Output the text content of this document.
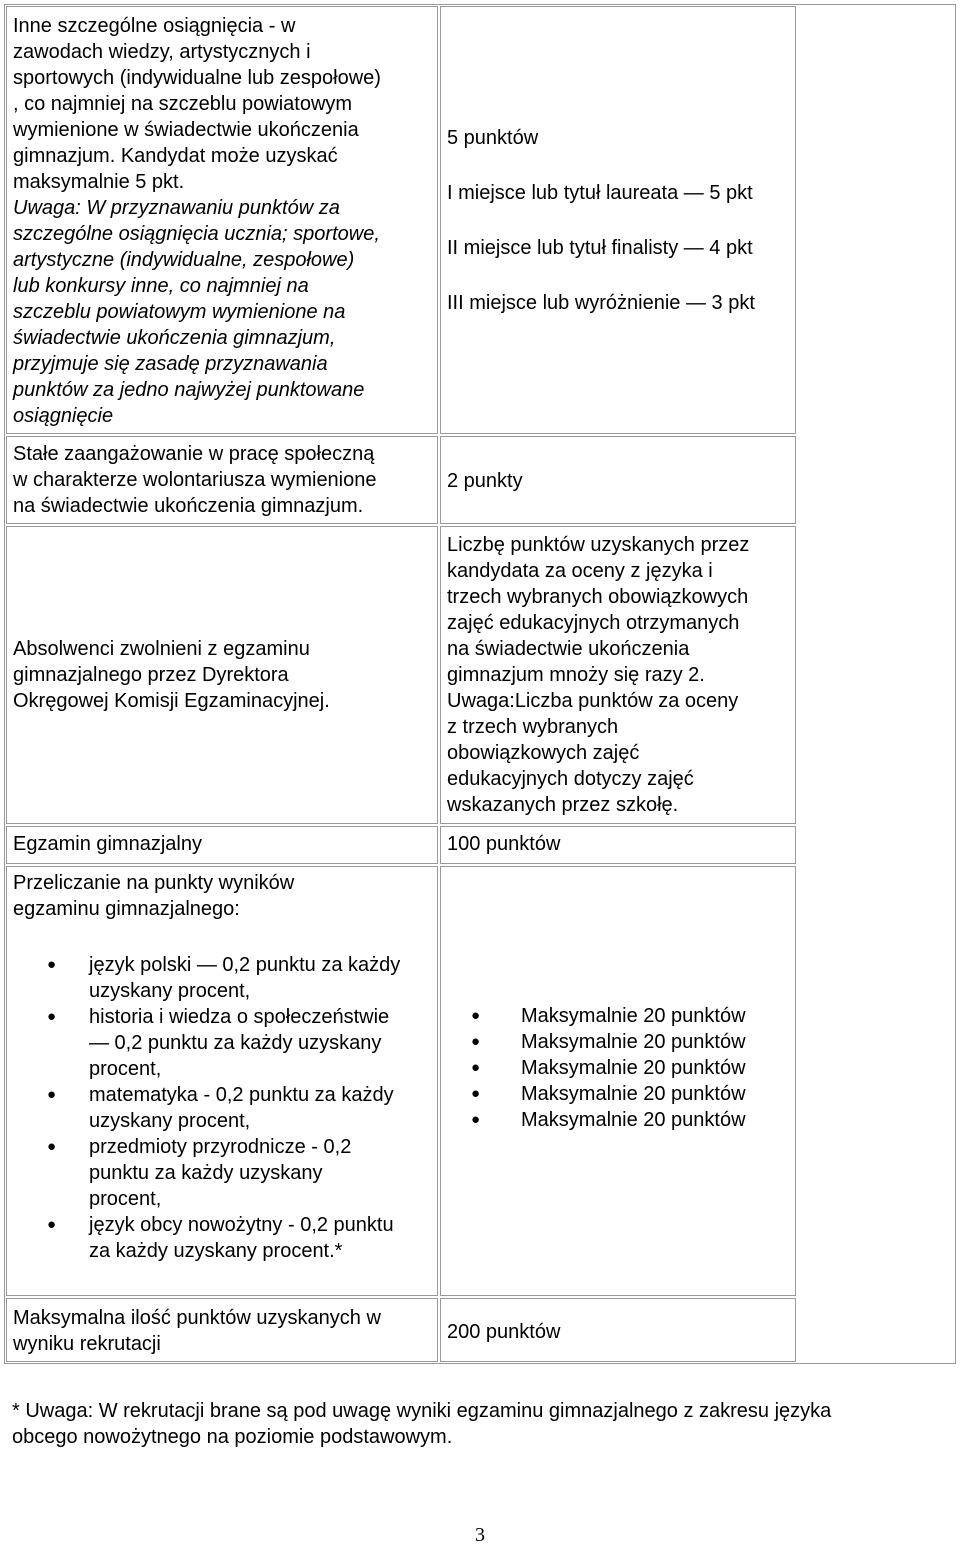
Inne szczególne osiągnięcia - w
zawodach wiedzy, artystycznych i
sportowych (indywidualne lub zespołowe)
, co najmniej na szczeblu powiatowym
wymienione w świadectwie ukończenia
gimnazjum. Kandydat może uzyskać
maksymalnie 5 pkt.
Uwaga: W przyznawaniu punktów za
szczególne osiągnięcia ucznia; sportowe,
artystyczne (indywidualne, zespołowe)
lub konkursy inne, co najmniej na
szczeblu powiatowym wymienione na
świadectwie ukończenia gimnazjum,
przyjmuje się zasadę przyznawania
punktów za jedno najwyżej punktowane
osiągnięcie
5 punktów
I miejsce lub tytuł laureata — 5 pkt
II miejsce lub tytuł finalisty — 4 pkt
III miejsce lub wyróżnienie — 3 pkt
Stałe zaangażowanie w pracę społeczną
w charakterze wolontariusza wymienione
na świadectwie ukończenia gimnazjum.
2 punkty
Absolwenci zwolnieni z egzaminu
gimnazjalnego przez Dyrektora
Okręgowej Komisji Egzaminacyjnej.
Liczbę punktów uzyskanych przez
kandydata za oceny z języka i
trzech wybranych obowiązkowych
zajęć edukacyjnych otrzymanych
na świadectwie ukończenia
gimnazjum mnoży się razy 2.
Uwaga:Liczba punktów za oceny
z trzech wybranych
obowiązkowych zajęć
edukacyjnych dotyczy zajęć
wskazanych przez szkołę.
Egzamin gimnazjalny	100 punktów
Przeliczanie na punkty wyników
egzaminu gimnazjalnego:
● język polski — 0,2 punktu za każdy
uzyskany procent,
● historia i wiedza o społeczeństwie
— 0,2 punktu za każdy uzyskany
procent,
● matematyka - 0,2 punktu za każdy
uzyskany procent,
● przedmioty przyrodnicze - 0,2
punktu za każdy uzyskany
procent,
● język obcy nowożytny - 0,2 punktu
za każdy uzyskany procent.*
● Maksymalnie 20 punktów
● Maksymalnie 20 punktów
● Maksymalnie 20 punktów
● Maksymalnie 20 punktów
● Maksymalnie 20 punktów
Maksymalna ilość punktów uzyskanych w
wyniku rekrutacji
200 punktów
* Uwaga: W rekrutacji brane są pod uwagę wyniki egzaminu gimnazjalnego z zakresu języka
obcego nowożytnego na poziomie podstawowym.
3
